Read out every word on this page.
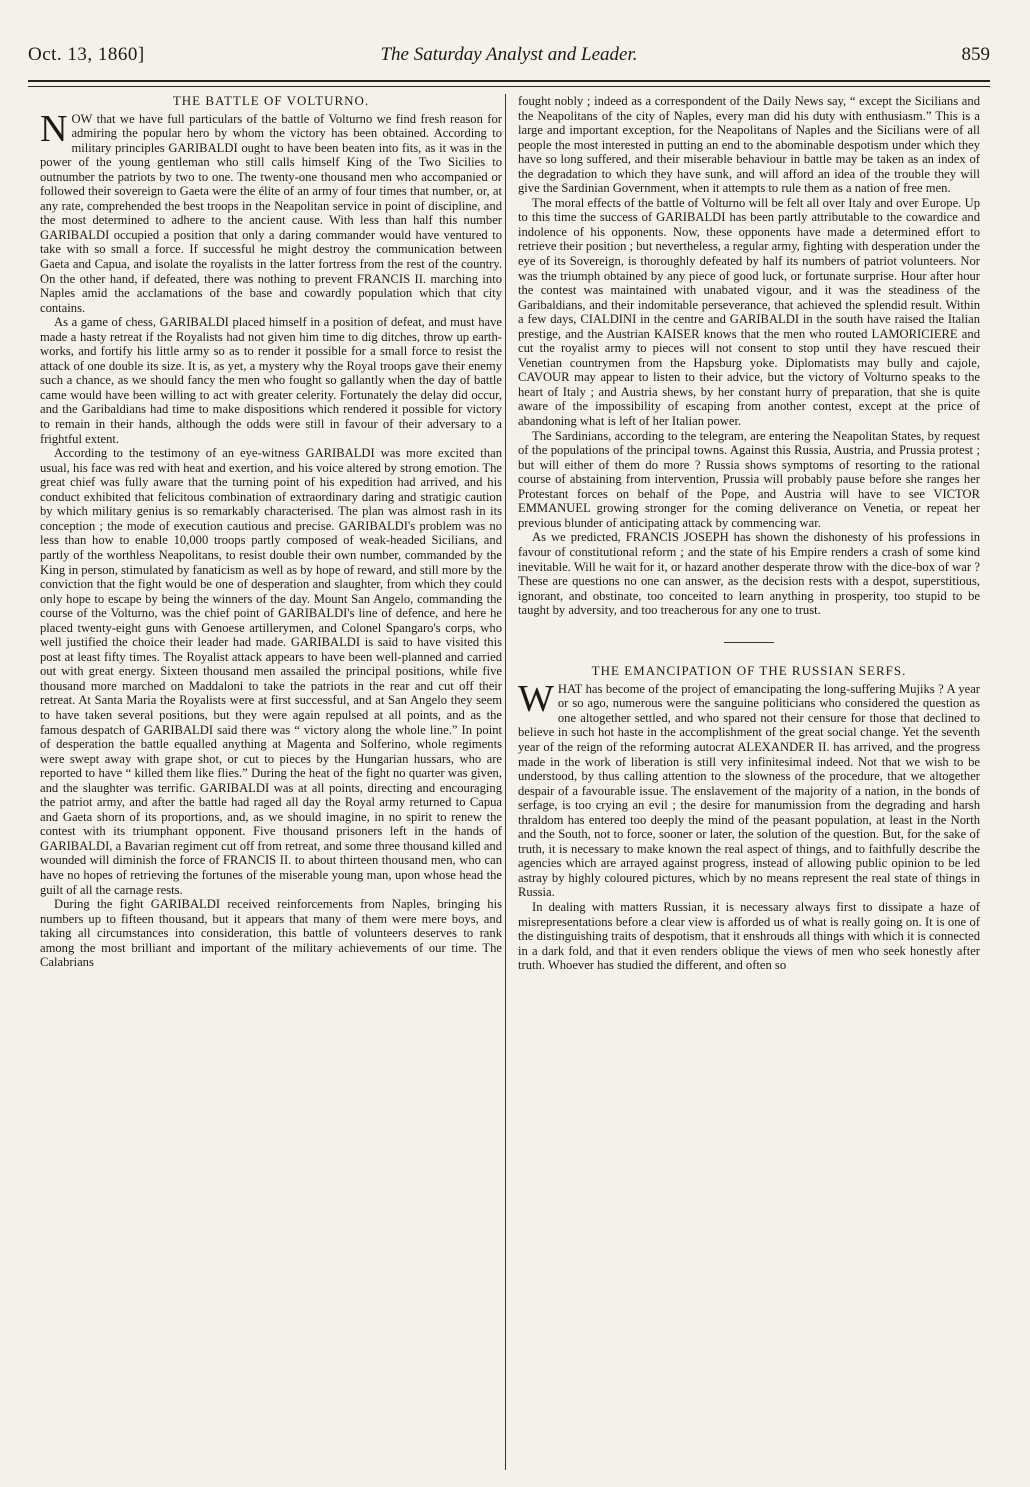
Oct. 13, 1860]	The Saturday Analyst and Leader.	859
THE BATTLE OF VOLTURNO.

NOW that we have full particulars of the battle of Volturno we find fresh reason for admiring the popular hero by whom the victory has been obtained. According to military principles GARIBALDI ought to have been beaten into fits, as it was in the power of the young gentleman who still calls himself King of the Two Sicilies to outnumber the patriots by two to one. The twenty-one thousand men who accompanied or followed their sovereign to Gaeta were the élite of an army of four times that number, or, at any rate, comprehended the best troops in the Neapolitan service in point of discipline, and the most determined to adhere to the ancient cause. With less than half this number GARIBALDI occupied a position that only a daring commander would have ventured to take with so small a force. If successful he might destroy the communication between Gaeta and Capua, and isolate the royalists in the latter fortress from the rest of the country. On the other hand, if defeated, there was nothing to prevent FRANCIS II. marching into Naples amid the acclamations of the base and cowardly population which that city contains.

As a game of chess, GARIBALDI placed himself in a position of defeat, and must have made a hasty retreat if the Royalists had not given him time to dig ditches, throw up earth-works, and fortify his little army so as to render it possible for a small force to resist the attack of one double its size. It is, as yet, a mystery why the Royal troops gave their enemy such a chance, as we should fancy the men who fought so gallantly when the day of battle came would have been willing to act with greater celerity. Fortunately the delay did occur, and the Garibaldians had time to make dispositions which rendered it possible for victory to remain in their hands, although the odds were still in favour of their adversary to a frightful extent.

According to the testimony of an eye-witness GARIBALDI was more excited than usual, his face was red with heat and exertion, and his voice altered by strong emotion. The great chief was fully aware that the turning point of his expedition had arrived, and his conduct exhibited that felicitous combination of extraordinary daring and stratigic caution by which military genius is so remarkably characterised. The plan was almost rash in its conception ; the mode of execution cautious and precise. GARIBALDI's problem was no less than how to enable 10,000 troops partly composed of weak-headed Sicilians, and partly of the worthless Neapolitans, to resist double their own number, commanded by the King in person, stimulated by fanaticism as well as by hope of reward, and still more by the conviction that the fight would be one of desperation and slaughter, from which they could only hope to escape by being the winners of the day. Mount San Angelo, commanding the course of the Volturno, was the chief point of GARIBALDI's line of defence, and here he placed twenty-eight guns with Genoese artillerymen, and Colonel Spangaro's corps, who well justified the choice their leader had made. GARIBALDI is said to have visited this post at least fifty times. The Royalist attack appears to have been well-planned and carried out with great energy. Sixteen thousand men assailed the principal positions, while five thousand more marched on Maddaloni to take the patriots in the rear and cut off their retreat. At Santa Maria the Royalists were at first successful, and at San Angelo they seem to have taken several positions, but they were again repulsed at all points, and as the famous despatch of GARIBALDI said there was “ victory along the whole line.” In point of desperation the battle equalled anything at Magenta and Solferino, whole regiments were swept away with grape shot, or cut to pieces by the Hungarian hussars, who are reported to have “ killed them like flies.” During the heat of the fight no quarter was given, and the slaughter was terrific. GARIBALDI was at all points, directing and encouraging the patriot army, and after the battle had raged all day the Royal army returned to Capua and Gaeta shorn of its proportions, and, as we should imagine, in no spirit to renew the contest with its triumphant opponent. Five thousand prisoners left in the hands of GARIBALDI, a Bavarian regiment cut off from retreat, and some three thousand killed and wounded will diminish the force of FRANCIS II. to about thirteen thousand men, who can have no hopes of retrieving the fortunes of the miserable young man, upon whose head the guilt of all the carnage rests.

During the fight GARIBALDI received reinforcements from Naples, bringing his numbers up to fifteen thousand, but it appears that many of them were mere boys, and taking all circumstances into consideration, this battle of volunteers deserves to rank among the most brilliant and important of the military achievements of our time. The Calabrians

fought nobly ; indeed as a correspondent of the Daily News say, “ except the Sicilians and the Neapolitans of the city of Naples, every man did his duty with enthusiasm.” This is a large and important exception, for the Neapolitans of Naples and the Sicilians were of all people the most interested in putting an end to the abominable despotism under which they have so long suffered, and their miserable behaviour in battle may be taken as an index of the degradation to which they have sunk, and will afford an idea of the trouble they will give the Sardinian Government, when it attempts to rule them as a nation of free men.

The moral effects of the battle of Volturno will be felt all over Italy and over Europe. Up to this time the success of GARIBALDI has been partly attributable to the cowardice and indolence of his opponents. Now, these opponents have made a determined effort to retrieve their position ; but nevertheless, a regular army, fighting with desperation under the eye of its Sovereign, is thoroughly defeated by half its numbers of patriot volunteers. Nor was the triumph obtained by any piece of good luck, or fortunate surprise. Hour after hour the contest was maintained with unabated vigour, and it was the steadiness of the Garibaldians, and their indomitable perseverance, that achieved the splendid result. Within a few days, CIALDINI in the centre and GARIBALDI in the south have raised the Italian prestige, and the Austrian KAISER knows that the men who routed LAMORICIERE and cut the royalist army to pieces will not consent to stop until they have rescued their Venetian countrymen from the Hapsburg yoke. Diplomatists may bully and cajole, CAVOUR may appear to listen to their advice, but the victory of Volturno speaks to the heart of Italy ; and Austria shews, by her constant hurry of preparation, that she is quite aware of the impossibility of escaping from another contest, except at the price of abandoning what is left of her Italian power.

The Sardinians, according to the telegram, are entering the Neapolitan States, by request of the populations of the principal towns. Against this Russia, Austria, and Prussia protest ; but will either of them do more ? Russia shows symptoms of resorting to the rational course of abstaining from intervention, Prussia will probably pause before she ranges her Protestant forces on behalf of the Pope, and Austria will have to see VICTOR EMMANUEL growing stronger for the coming deliverance on Venetia, or repeat her previous blunder of anticipating attack by commencing war.

As we predicted, FRANCIS JOSEPH has shown the dishonesty of his professions in favour of constitutional reform ; and the state of his Empire renders a crash of some kind inevitable. Will he wait for it, or hazard another desperate throw with the dice-box of war ? These are questions no one can answer, as the decision rests with a despot, superstitious, ignorant, and obstinate, too conceited to learn anything in prosperity, too stupid to be taught by adversity, and too treacherous for any one to trust.

THE EMANCIPATION OF THE RUSSIAN SERFS.

WHAT has become of the project of emancipating the long-suffering Mujiks ? A year or so ago, numerous were the sanguine politicians who considered the question as one altogether settled, and who spared not their censure for those that declined to believe in such hot haste in the accomplishment of the great social change. Yet the seventh year of the reign of the reforming autocrat ALEXANDER II. has arrived, and the progress made in the work of liberation is still very infinitesimal indeed. Not that we wish to be understood, by thus calling attention to the slowness of the procedure, that we altogether despair of a favourable issue. The enslavement of the majority of a nation, in the bonds of serfage, is too crying an evil ; the desire for manumission from the degrading and harsh thraldom has entered too deeply the mind of the peasant population, at least in the North and the South, not to force, sooner or later, the solution of the question. But, for the sake of truth, it is necessary to make known the real aspect of things, and to faithfully describe the agencies which are arrayed against progress, instead of allowing public opinion to be led astray by highly coloured pictures, which by no means represent the real state of things in Russia.

In dealing with matters Russian, it is necessary always first to dissipate a haze of misrepresentations before a clear view is afforded us of what is really going on. It is one of the distinguishing traits of despotism, that it enshrouds all things with which it is connected in a dark fold, and that it even renders oblique the views of men who seek honestly after truth. Whoever has studied the different, and often so
